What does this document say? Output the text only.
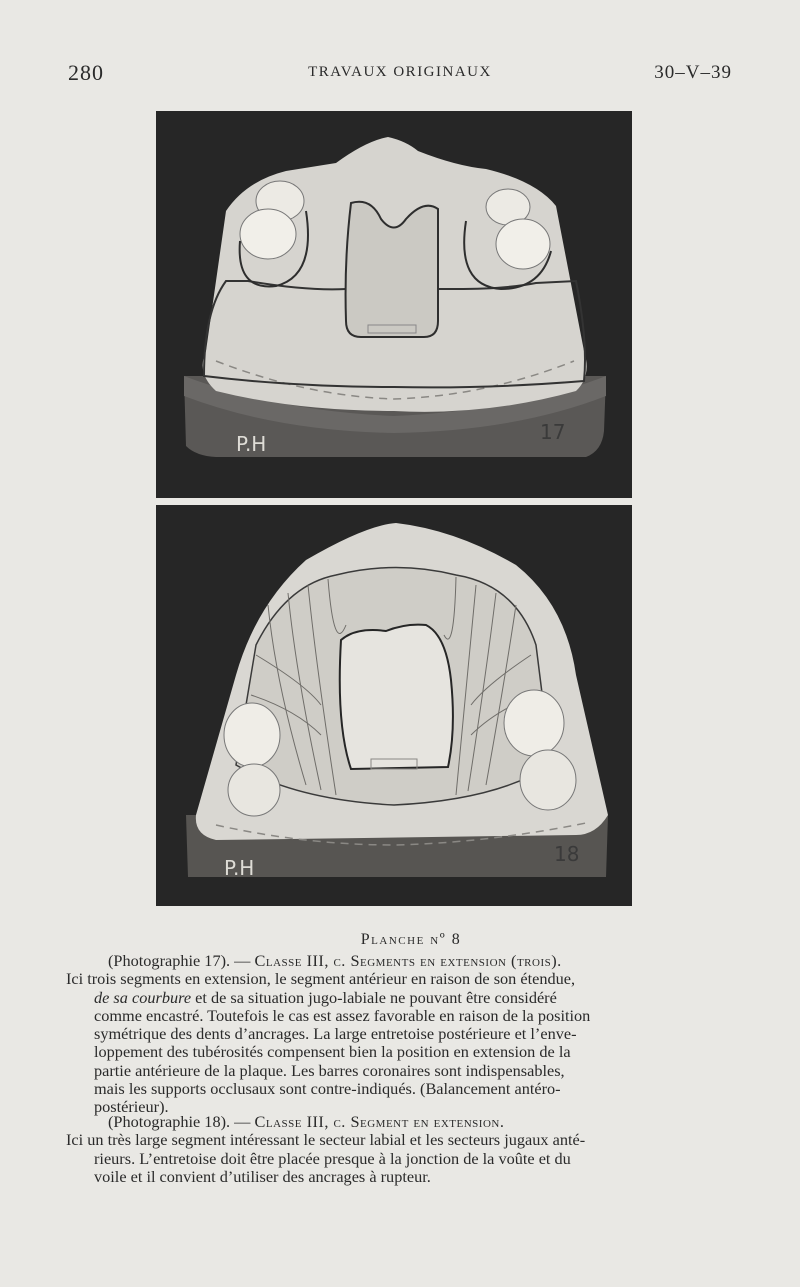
280	TRAVAUX ORIGINAUX	30–V–39
P.H	17
P.H
18
Planche nº 8
(Photographie 17). — Classe III, c. Segments en extension (trois).
Ici trois segments en extension, le segment antérieur en raison de son étendue,
de sa courbure et de sa situation jugo-labiale ne pouvant être considéré
comme encastré. Toutefois le cas est assez favorable en raison de la position
symétrique des dents d’ancrages. La large entretoise postérieure et l’enve-
loppement des tubérosités compensent bien la position en extension de la
partie antérieure de la plaque. Les barres coronaires sont indispensables,
mais les supports occlusaux sont contre-indiqués. (Balancement antéro-
postérieur).
(Photographie 18). — Classe III, c. Segment en extension.
Ici un très large segment intéressant le secteur labial et les secteurs jugaux anté-
rieurs. L’entretoise doit être placée presque à la jonction de la voûte et du
voile et il convient d’utiliser des ancrages à rupteur.
